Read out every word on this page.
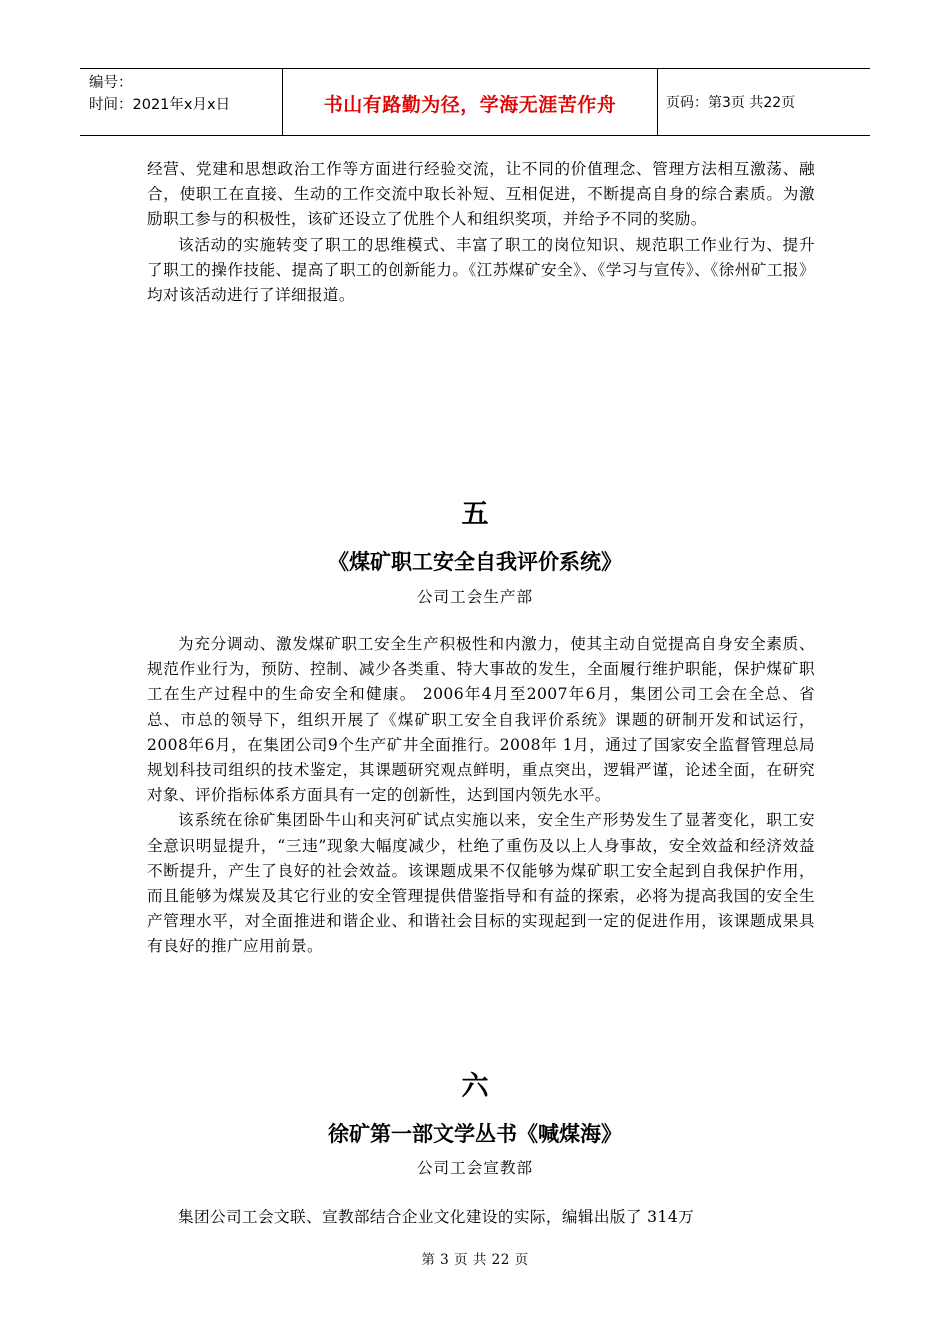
编号：
时间：2021年x月x日	书山有路勤为径，学海无涯苦作舟	页码：第3页 共22页

经营、党建和思想政治工作等方面进行经验交流，让不同的价值理念、管理方法相互激荡、融合，使职工在直接、生动的工作交流中取长补短、互相促进，不断提高自身的综合素质。为激励职工参与的积极性，该矿还设立了优胜个人和组织奖项，并给予不同的奖励。

该活动的实施转变了职工的思维模式、丰富了职工的岗位知识、规范职工作业行为、提升了职工的操作技能、提高了职工的创新能力。《江苏煤矿安全》、《学习与宣传》、《徐州矿工报》均对该活动进行了详细报道。

五
《煤矿职工安全自我评价系统》
公司工会生产部

为充分调动、激发煤矿职工安全生产积极性和内激力，使其主动自觉提高自身安全素质、规范作业行为，预防、控制、减少各类重、特大事故的发生，全面履行维护职能，保护煤矿职工在生产过程中的生命安全和健康。 2006年4月至2007年6月，集团公司工会在全总、省总、市总的领导下，组织开展了《煤矿职工安全自我评价系统》课题的研制开发和试运行，2008年6月，在集团公司9个生产矿井全面推行。2008年 1月，通过了国家安全监督管理总局规划科技司组织的技术鉴定，其课题研究观点鲜明，重点突出，逻辑严谨，论述全面，在研究对象、评价指标体系方面具有一定的创新性，达到国内领先水平。

该系统在徐矿集团卧牛山和夹河矿试点实施以来，安全生产形势发生了显著变化，职工安全意识明显提升，“三违”现象大幅度减少，杜绝了重伤及以上人身事故，安全效益和经济效益不断提升，产生了良好的社会效益。该课题成果不仅能够为煤矿职工安全起到自我保护作用，而且能够为煤炭及其它行业的安全管理提供借鉴指导和有益的探索，必将为提高我国的安全生产管理水平，对全面推进和谐企业、和谐社会目标的实现起到一定的促进作用，该课题成果具有良好的推广应用前景。

六
徐矿第一部文学丛书《喊煤海》
公司工会宣教部

集团公司工会文联、宣教部结合企业文化建设的实际，编辑出版了 314万

第 3 页 共 22 页
